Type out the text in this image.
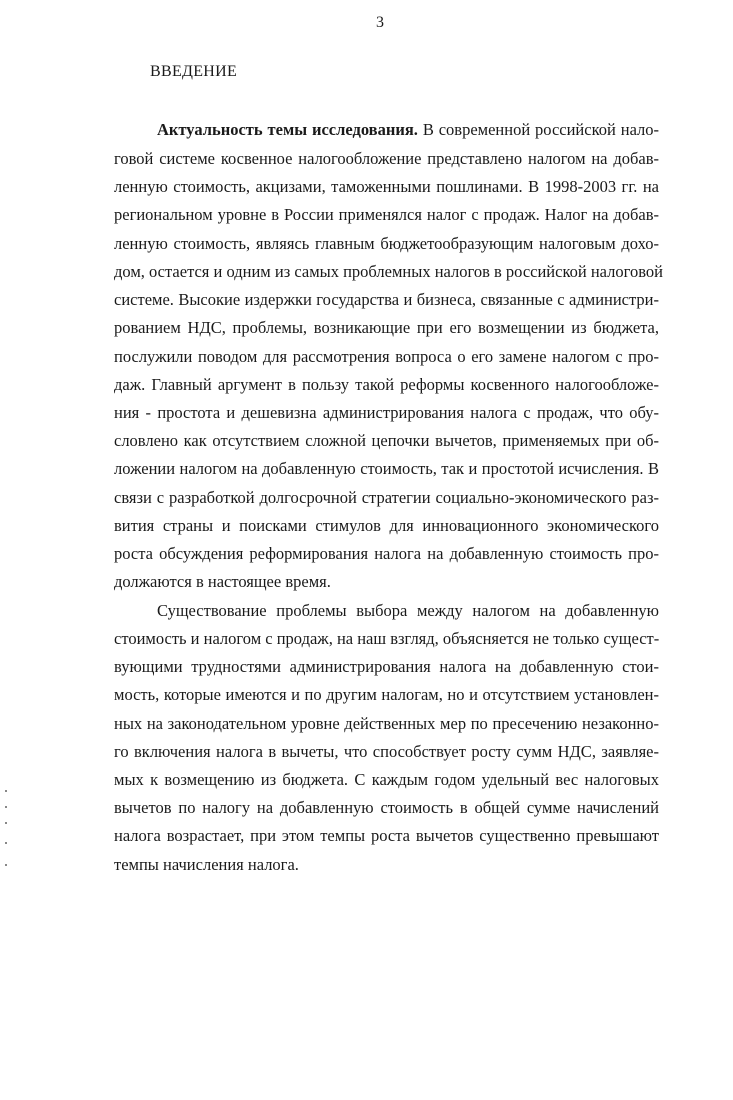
3
ВВЕДЕНИЕ
Актуальность темы исследования. В современной российской нало-
говой системе косвенное налогообложение представлено налогом на добав-
ленную стоимость, акцизами, таможенными пошлинами. В 1998-2003 гг. на
региональном уровне в России применялся налог с продаж. Налог на добав-
ленную стоимость, являясь главным бюджетообразующим налоговым дохо-
дом, остается и одним из самых проблемных налогов в российской налоговой
системе. Высокие издержки государства и бизнеса, связанные с администри-
рованием НДС, проблемы, возникающие при его возмещении из бюджета,
послужили поводом для рассмотрения вопроса о его замене налогом с про-
даж. Главный аргумент в пользу такой реформы косвенного налогообложе-
ния - простота и дешевизна администрирования налога с продаж, что обу-
словлено как отсутствием сложной цепочки вычетов, применяемых при об-
ложении налогом на добавленную стоимость, так и простотой исчисления. В
связи с разработкой долгосрочной стратегии социально-экономического раз-
вития страны и поисками стимулов для инновационного экономического
роста обсуждения реформирования налога на добавленную стоимость про-
должаются в настоящее время.
Существование проблемы выбора между налогом на добавленную
стоимость и налогом с продаж, на наш взгляд, объясняется не только сущест-
вующими трудностями администрирования налога на добавленную стои-
мость, которые имеются и по другим налогам, но и отсутствием установлен-
ных на законодательном уровне действенных мер по пресечению незаконно-
го включения налога в вычеты, что способствует росту сумм НДС, заявляе-
мых к возмещению из бюджета. С каждым годом удельный вес налоговых
вычетов по налогу на добавленную стоимость в общей сумме начислений
налога возрастает, при этом темпы роста вычетов существенно превышают
темпы начисления налога.
